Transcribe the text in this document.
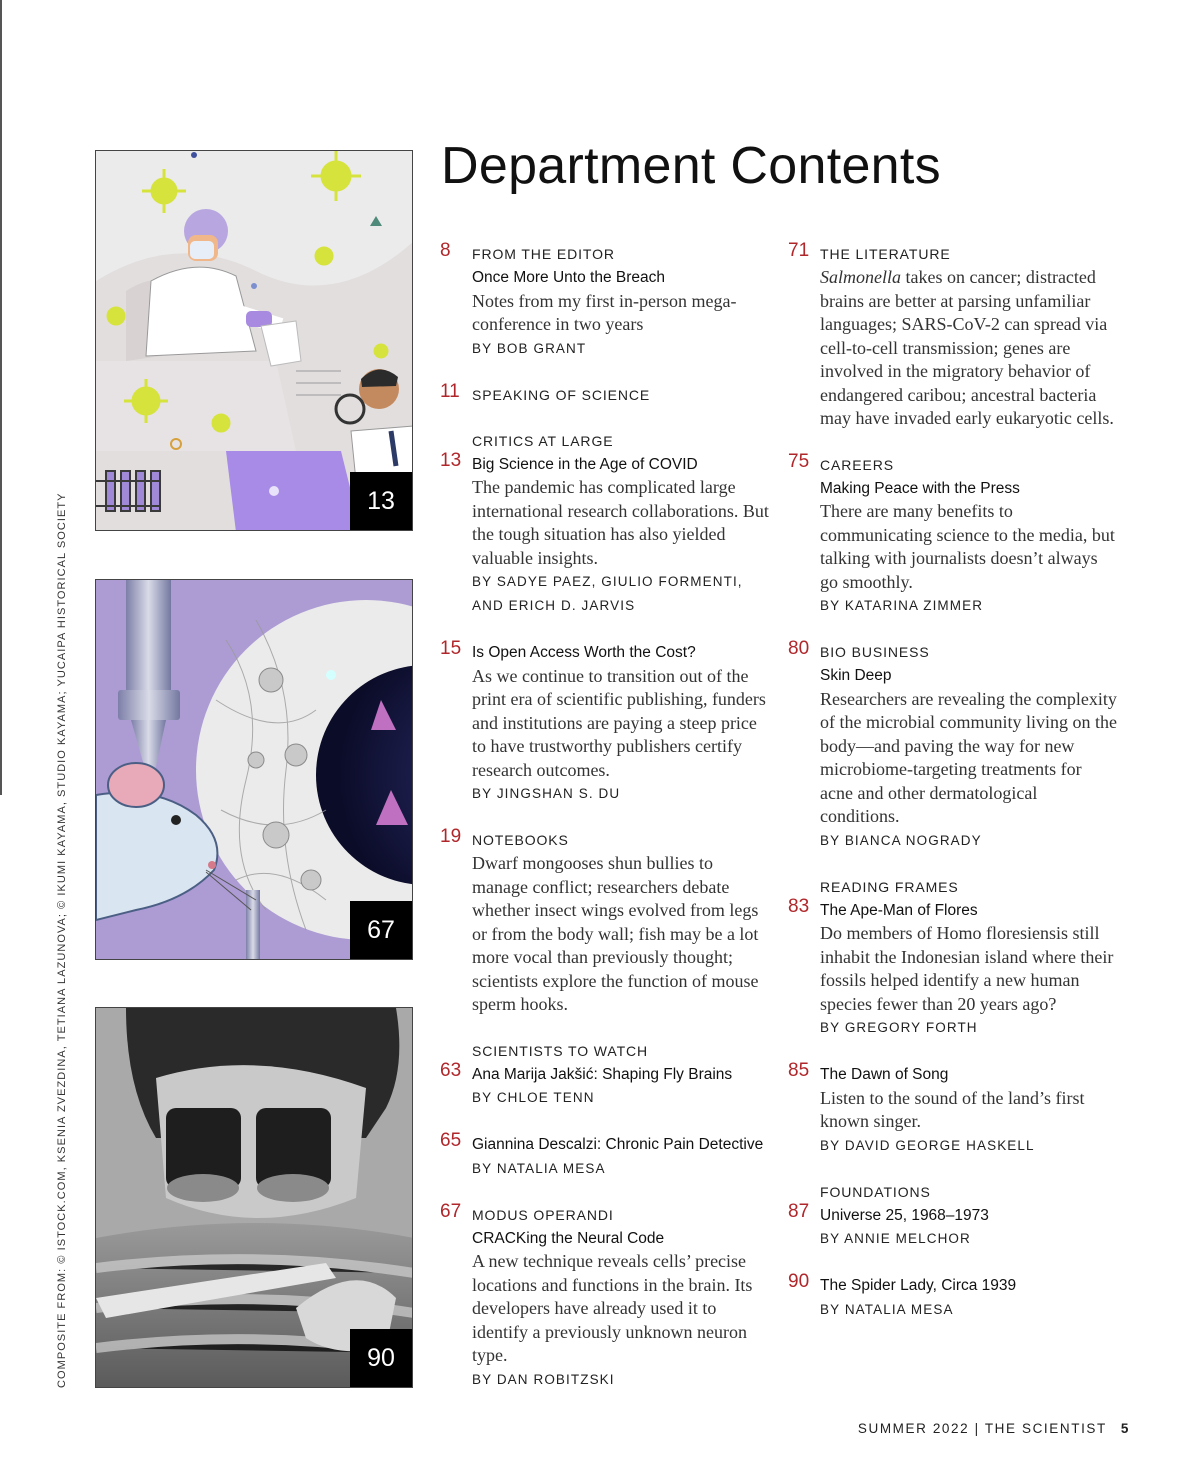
COMPOSITE FROM: © ISTOCK.COM, KSENIA ZVEZDINA, TETIANA LAZUNOVA; © IKUMI KAYAMA, STUDIO KAYAMA; YUCAIPA HISTORICAL SOCIETY	13
67
90
Department Contents
8 FROM THE EDITOR
Once More Unto the Breach
Notes from my first in-person mega-conference in two years
BY BOB GRANT
11 SPEAKING OF SCIENCE
13
CRITICS AT LARGE
Big Science in the Age of COVID
The pandemic has complicated large international research collaborations. But the tough situation has also yielded valuable insights.
BY SADYE PAEZ, GIULIO FORMENTI, AND ERICH D. JARVIS
15 Is Open Access Worth the Cost?
As we continue to transition out of the print era of scientific publishing, funders and institutions are paying a steep price to have trustworthy publishers certify research outcomes.
BY JINGSHAN S. DU
19 NOTEBOOKS
Dwarf mongooses shun bullies to manage conflict; researchers debate whether insect wings evolved from legs or from the body wall; fish may be a lot more vocal than previously thought; scientists explore the function of mouse sperm hooks.
63
SCIENTISTS TO WATCH
Ana Marija Jakšić: Shaping Fly Brains
BY CHLOE TENN
65 Giannina Descalzi: Chronic Pain Detective
BY NATALIA MESA
67 MODUS OPERANDI
CRACKing the Neural Code
A new technique reveals cells’ precise locations and functions in the brain. Its developers have already used it to identify a previously unknown neuron type.
BY DAN ROBITZSKI
71 THE LITERATURE
Salmonella takes on cancer; distracted brains are better at parsing unfamiliar languages; SARS-CoV-2 can spread via cell-to-cell transmission; genes are involved in the migratory behavior of endangered caribou; ancestral bacteria may have invaded early eukaryotic cells.
75 CAREERS
Making Peace with the Press
There are many benefits to communicating science to the media, but talking with journalists doesn’t always go smoothly.
BY KATARINA ZIMMER
80 BIO BUSINESS
Skin Deep
Researchers are revealing the complexity of the microbial community living on the body—and paving the way for new microbiome-targeting treatments for acne and other dermatological conditions.
BY BIANCA NOGRADY
83
READING FRAMES
The Ape-Man of Flores
Do members of Homo floresiensis still inhabit the Indonesian island where their fossils helped identify a new human species fewer than 20 years ago?
BY GREGORY FORTH
85 The Dawn of Song
Listen to the sound of the land’s first known singer.
BY DAVID GEORGE HASKELL
87
FOUNDATIONS
Universe 25, 1968–1973
BY ANNIE MELCHOR
90 The Spider Lady, Circa 1939
BY NATALIA MESA
SUMMER 2022 | THE SCIENTIST 5
